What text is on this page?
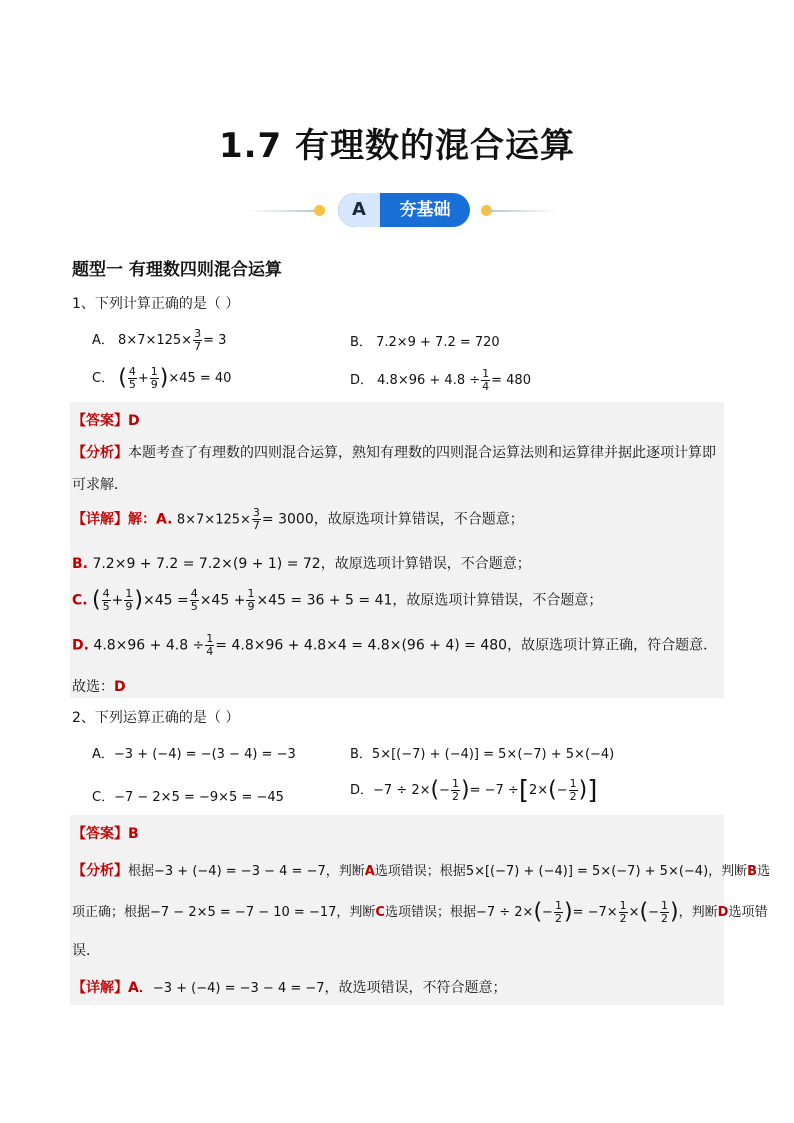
1.7 有理数的混合运算
A	夯基础
题型一 有理数四则混合运算
1、下列计算正确的是（ ）
A． $8\times 7\times 125\times \frac{3}{7} = 3$	B． 7.2×9 + 7.2 = 720
C． ( $\frac{4}{5} + \frac{1}{9} )\times 45 = 40$	D． $4.8\times 96 + 4.8 \div \frac{1}{4} = 480$
【答案】D
【分析】本题考查了有理数的四则混合运算，熟知有理数的四则混合运算法则和运算律并据此逐项计算即
可求解．
【详解】解：A. $8\times 7\times 125\times \frac{3}{7} = 3000$，故原选项计算错误，不合题意；
B. 7.2×9 + 7.2 = 7.2×(9 + 1) = 72，故原选项计算错误，不合题意；
C. ( $\frac{4}{5} + \frac{1}{9} )\times 45 = \frac{4}{5} \times 45 + \frac{1}{9} \times 45 = 36 + 5 = 41$，故原选项计算错误，不合题意；
D. $4.8\times 96 + 4.8 \div \frac{1}{4} = 4.8\times 96 + 4.8\times 4 = 4.8\times(96 + 4) = 480$，故原选项计算正确，符合题意．
故选：D
2、下列运算正确的是（ ）
A．−3 + (−4) = −(3 − 4) = −3	B．5×[(−7) + (−4)] = 5×(−7) + 5×(−4)
C．−7 − 2×5 = −9×5 = −45	D．$-7 \div 2\times(- \frac{1}{2}$ )= $-7 \div[2\times(- \frac{1}{2}$ )]
【答案】B
【分析】根据−3 + (−4) = −3 − 4 = −7，判断A选项错误；根据5×[(−7) + (−4)] = 5×(−7) + 5×(−4)，判断B选
项正确；根据−7 − 2×5 = −7 − 10 = −17，判断C选项错误；根据$-7 \div 2\times(- \frac{1}{2}$ )= $-7\times \frac{1}{2}$ ×(− $\frac{1}{2}$ )，判断D选项错
误．
【详解】A．−3 + (−4) = −3 − 4 = −7，故选项错误，不符合题意；
